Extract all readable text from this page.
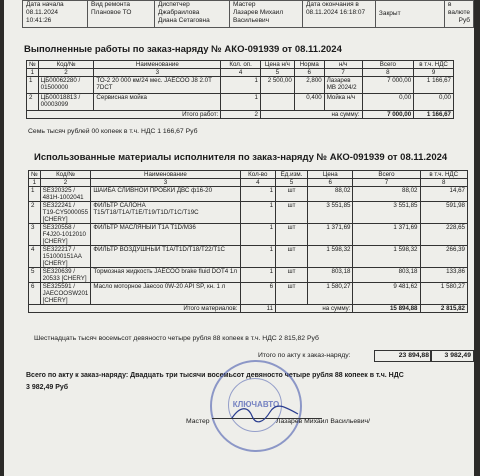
Дата начала
08.11.2024 10:41:26	Вид ремонта
Плановое ТО	Диспетчер
Джабраилова
Диана Сетаговна	Мастер
Лазарев Михаил
Васильевич	Дата окончания в
08.11.2024 16:18:07	Закрыт	в валюте

Руб
Выполненные работы по заказ-наряду № АКО-091939 от 08.11.2024
№	Код/№	Наименование	Кол. оп.	Цена н/ч	Норма	н/ч	Всего	в т.ч. НДС
1	2	3	4	5	6	7	8	9
1	ЦБ00062280 / 01500000	ТО-2 20 000 км/24 мес. JAECOO J8 2.0Т 7DCT	1	2 500,00	2,800	Лазарев МВ 2024/2	7 000,00	1 166,67
2	ЦБ00018813 / 00003099	Сервисная мойка	1		0,400	Мойка н/ч	0,00	0,00
Итого работ:			2	на сумму:			7 000,00	1 166,67
Семь тысяч рублей 00 копеек в т.ч. НДС 1 166,67 Руб
Использованные материалы исполнителя по заказ-наряду № АКО-091939 от 08.11.2024
№	Код/№	Наименование	Кол-во	Ед.изм.	Цена	Всего	в т.ч. НДС
1	2	3	4	5	6	7	8
1	SE320325 / 481H-1002041	ШАЙБА СЛИВНОЙ ПРОБКИ ДВС ф16-20	1	шт	88,02	88,02	14,67
2	SE322241 / T19-CY5000055 [CHERY]	ФИЛЬТР САЛОНА T15/T18/T1A/T1E/T19/T1D/T1C/T19C	1	шт	3 551,85	3 551,85	591,98
3	SE320558 / F4J20-1012010 [CHERY]	ФИЛЬТР МАСЛЯНЫЙ T1A T1D/M36	1	шт	1 371,69	1 371,69	228,65
4	SE322217 / 151000151AA [CHERY]	ФИЛЬТР ВОЗДУШНЫЙ T1A/T1D/T18/T22/T1C	1	шт	1 598,32	1 598,32	266,39
5	SE320639 / 20533 [CHERY]	Тормозная жидкость JAECOO brake fluid DOT4 1л	1	шт	803,18	803,18	133,86
6	SE325591 / JAECOOSW201 [CHERY]	Масло моторное Jaecoo 0W-20 API SP, кн. 1 л	6	шт	1 580,27	9 481,62	1 580,27
Итого материалов:			11	на сумму:		15 894,88	2 815,82
Шестнадцать тысяч восемьсот девяносто четыре рубля 88 копеек в т.ч. НДС 2 815,82 Руб
Итого по акту к заказ-наряду:	23 894,88	3 982,49
Всего по акту к заказ-наряду: Двадцать три тысячи восемьсот девяносто четыре рубля 88 копеек в т.ч. НДС
3 982,49 Руб
КЛЮЧАВТО
Мастер	Лазарев Михаил Васильевич/
